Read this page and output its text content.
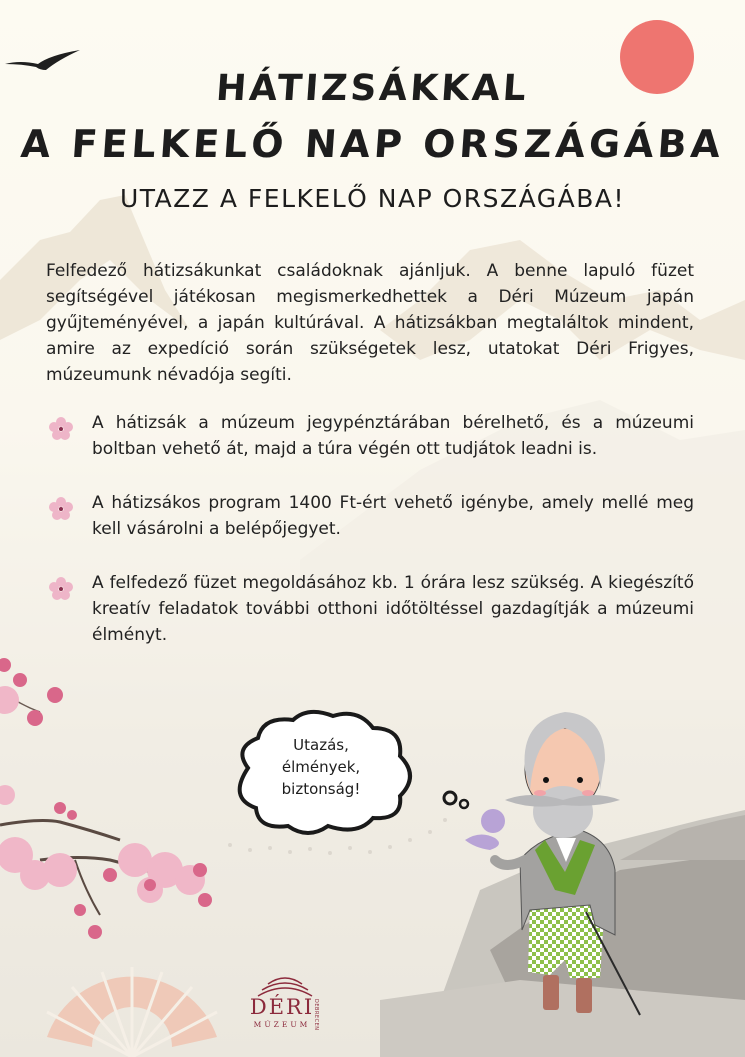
HÁTIZSÁKKAL
A FELKELŐ NAP ORSZÁGÁBA
UTAZZ A FELKELŐ NAP ORSZÁGÁBA!

Felfedező hátizsákunkat családoknak ajánljuk. A benne lapuló füzet segítségével játékosan megismerkedhettek a Déri Múzeum japán gyűjteményével, a japán kultúrával. A hátizsákban megtaláltok mindent, amire az expedíció során szükségetek lesz, utatokat Déri Frigyes, múzeumunk névadója segíti.

A hátizsák a múzeum jegypénztárában bérelhető, és a múzeumi boltban vehető át, majd a túra végén ott tudjátok leadni is.
A hátizsákos program 1400 Ft-ért vehető igénybe, amely mellé meg kell vásárolni a belépőjegyet.
A felfedező füzet megoldásához kb. 1 órára lesz szükség. A kiegészítő kreatív feladatok további otthoni időtöltéssel gazdagítják a múzeumi élményt.
Utazás,
élmények,
biztonság!
DÉRI
MÚZEUM DEBRECEN
